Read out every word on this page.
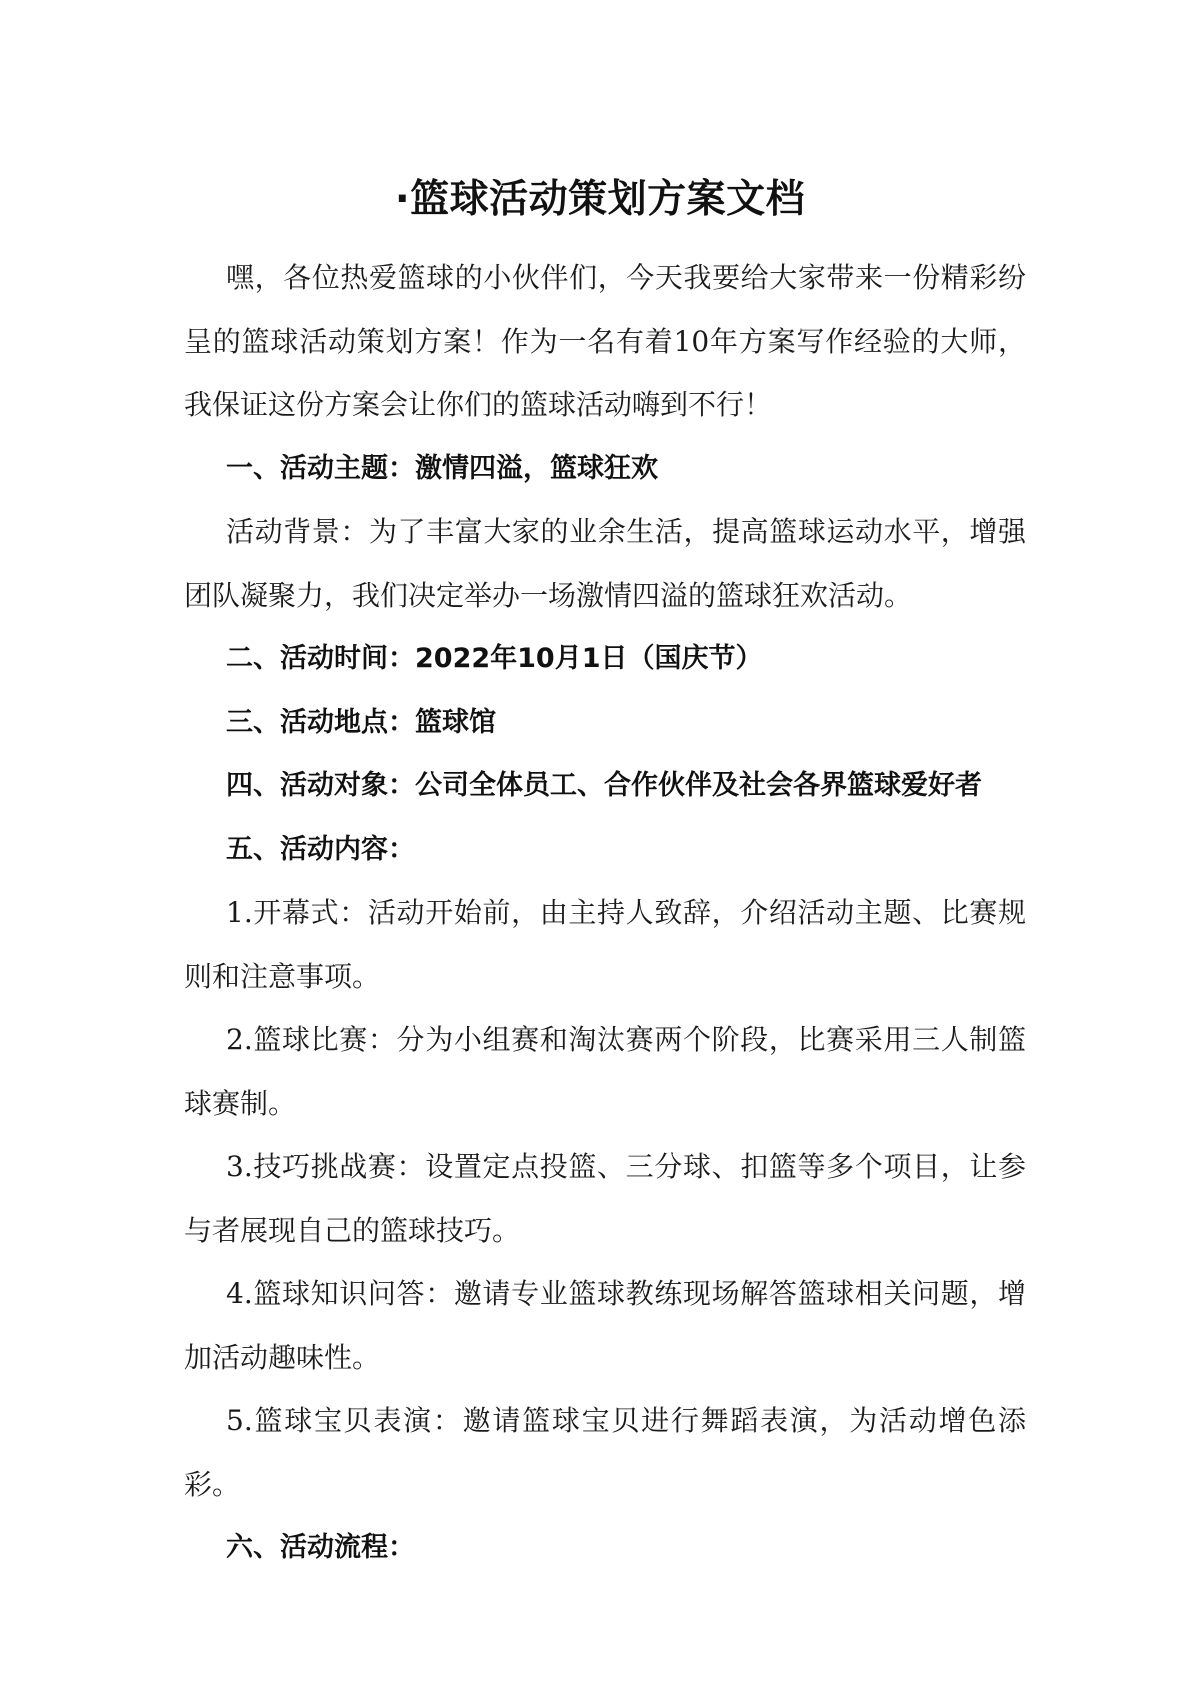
·篮球活动策划方案文档

嘿，各位热爱篮球的小伙伴们，今天我要给大家带来一份精彩纷呈的篮球活动策划方案！作为一名有着10年方案写作经验的大师，我保证这份方案会让你们的篮球活动嗨到不行！

一、活动主题：激情四溢，篮球狂欢

活动背景：为了丰富大家的业余生活，提高篮球运动水平，增强团队凝聚力，我们决定举办一场激情四溢的篮球狂欢活动。

二、活动时间：2022年10月1日（国庆节）

三、活动地点：篮球馆

四、活动对象：公司全体员工、合作伙伴及社会各界篮球爱好者

五、活动内容：

1.开幕式：活动开始前，由主持人致辞，介绍活动主题、比赛规则和注意事项。

2.篮球比赛：分为小组赛和淘汰赛两个阶段，比赛采用三人制篮球赛制。

3.技巧挑战赛：设置定点投篮、三分球、扣篮等多个项目，让参与者展现自己的篮球技巧。

4.篮球知识问答：邀请专业篮球教练现场解答篮球相关问题，增加活动趣味性。

5.篮球宝贝表演：邀请篮球宝贝进行舞蹈表演，为活动增色添彩。

六、活动流程：
